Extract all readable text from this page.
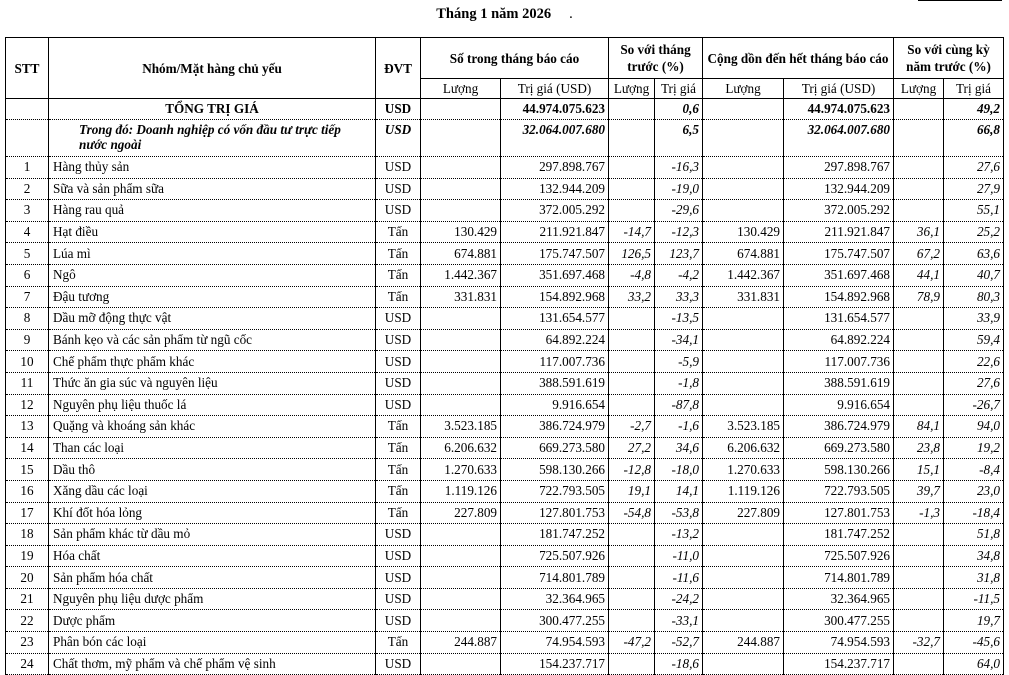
Tháng 1 năm 2026 .
STT	Nhóm/Mặt hàng chủ yếu	ĐVT	Số trong tháng báo cáo		So với tháng trước (%)		Cộng dồn đến hết tháng báo cáo		So với cùng kỳ năm trước (%)	
			Lượng	Trị giá (USD)	Lượng	Trị giá	Lượng	Trị giá (USD)	Lượng	Trị giá
	TỔNG TRỊ GIÁ	USD		44.974.075.623		0,6		44.974.075.623		49,2
	Trong đó: Doanh nghiệp có vốn đầu tư trực tiếp nước ngoài	USD		32.064.007.680		6,5		32.064.007.680		66,8
1	Hàng thủy sản	USD		297.898.767		-16,3		297.898.767		27,6
2	Sữa và sản phẩm sữa	USD		132.944.209		-19,0		132.944.209		27,9
3	Hàng rau quả	USD		372.005.292		-29,6		372.005.292		55,1
4	Hạt điều	Tấn	130.429	211.921.847	-14,7	-12,3	130.429	211.921.847	36,1	25,2
5	Lúa mì	Tấn	674.881	175.747.507	126,5	123,7	674.881	175.747.507	67,2	63,6
6	Ngô	Tấn	1.442.367	351.697.468	-4,8	-4,2	1.442.367	351.697.468	44,1	40,7
7	Đậu tương	Tấn	331.831	154.892.968	33,2	33,3	331.831	154.892.968	78,9	80,3
8	Dầu mỡ động thực vật	USD		131.654.577		-13,5		131.654.577		33,9
9	Bánh kẹo và các sản phẩm từ ngũ cốc	USD		64.892.224		-34,1		64.892.224		59,4
10	Chế phẩm thực phẩm khác	USD		117.007.736		-5,9		117.007.736		22,6
11	Thức ăn gia súc và nguyên liệu	USD		388.591.619		-1,8		388.591.619		27,6
12	Nguyên phụ liệu thuốc lá	USD		9.916.654		-87,8		9.916.654		-26,7
13	Quặng và khoáng sản khác	Tấn	3.523.185	386.724.979	-2,7	-1,6	3.523.185	386.724.979	84,1	94,0
14	Than các loại	Tấn	6.206.632	669.273.580	27,2	34,6	6.206.632	669.273.580	23,8	19,2
15	Dầu thô	Tấn	1.270.633	598.130.266	-12,8	-18,0	1.270.633	598.130.266	15,1	-8,4
16	Xăng dầu các loại	Tấn	1.119.126	722.793.505	19,1	14,1	1.119.126	722.793.505	39,7	23,0
17	Khí đốt hóa lỏng	Tấn	227.809	127.801.753	-54,8	-53,8	227.809	127.801.753	-1,3	-18,4
18	Sản phẩm khác từ dầu mỏ	USD		181.747.252		-13,2		181.747.252		51,8
19	Hóa chất	USD		725.507.926		-11,0		725.507.926		34,8
20	Sản phẩm hóa chất	USD		714.801.789		-11,6		714.801.789		31,8
21	Nguyên phụ liệu dược phẩm	USD		32.364.965		-24,2		32.364.965		-11,5
22	Dược phẩm	USD		300.477.255		-33,1		300.477.255		19,7
23	Phân bón các loại	Tấn	244.887	74.954.593	-47,2	-52,7	244.887	74.954.593	-32,7	-45,6
24	Chất thơm, mỹ phẩm và chế phẩm vệ sinh	USD		154.237.717		-18,6		154.237.717		64,0
